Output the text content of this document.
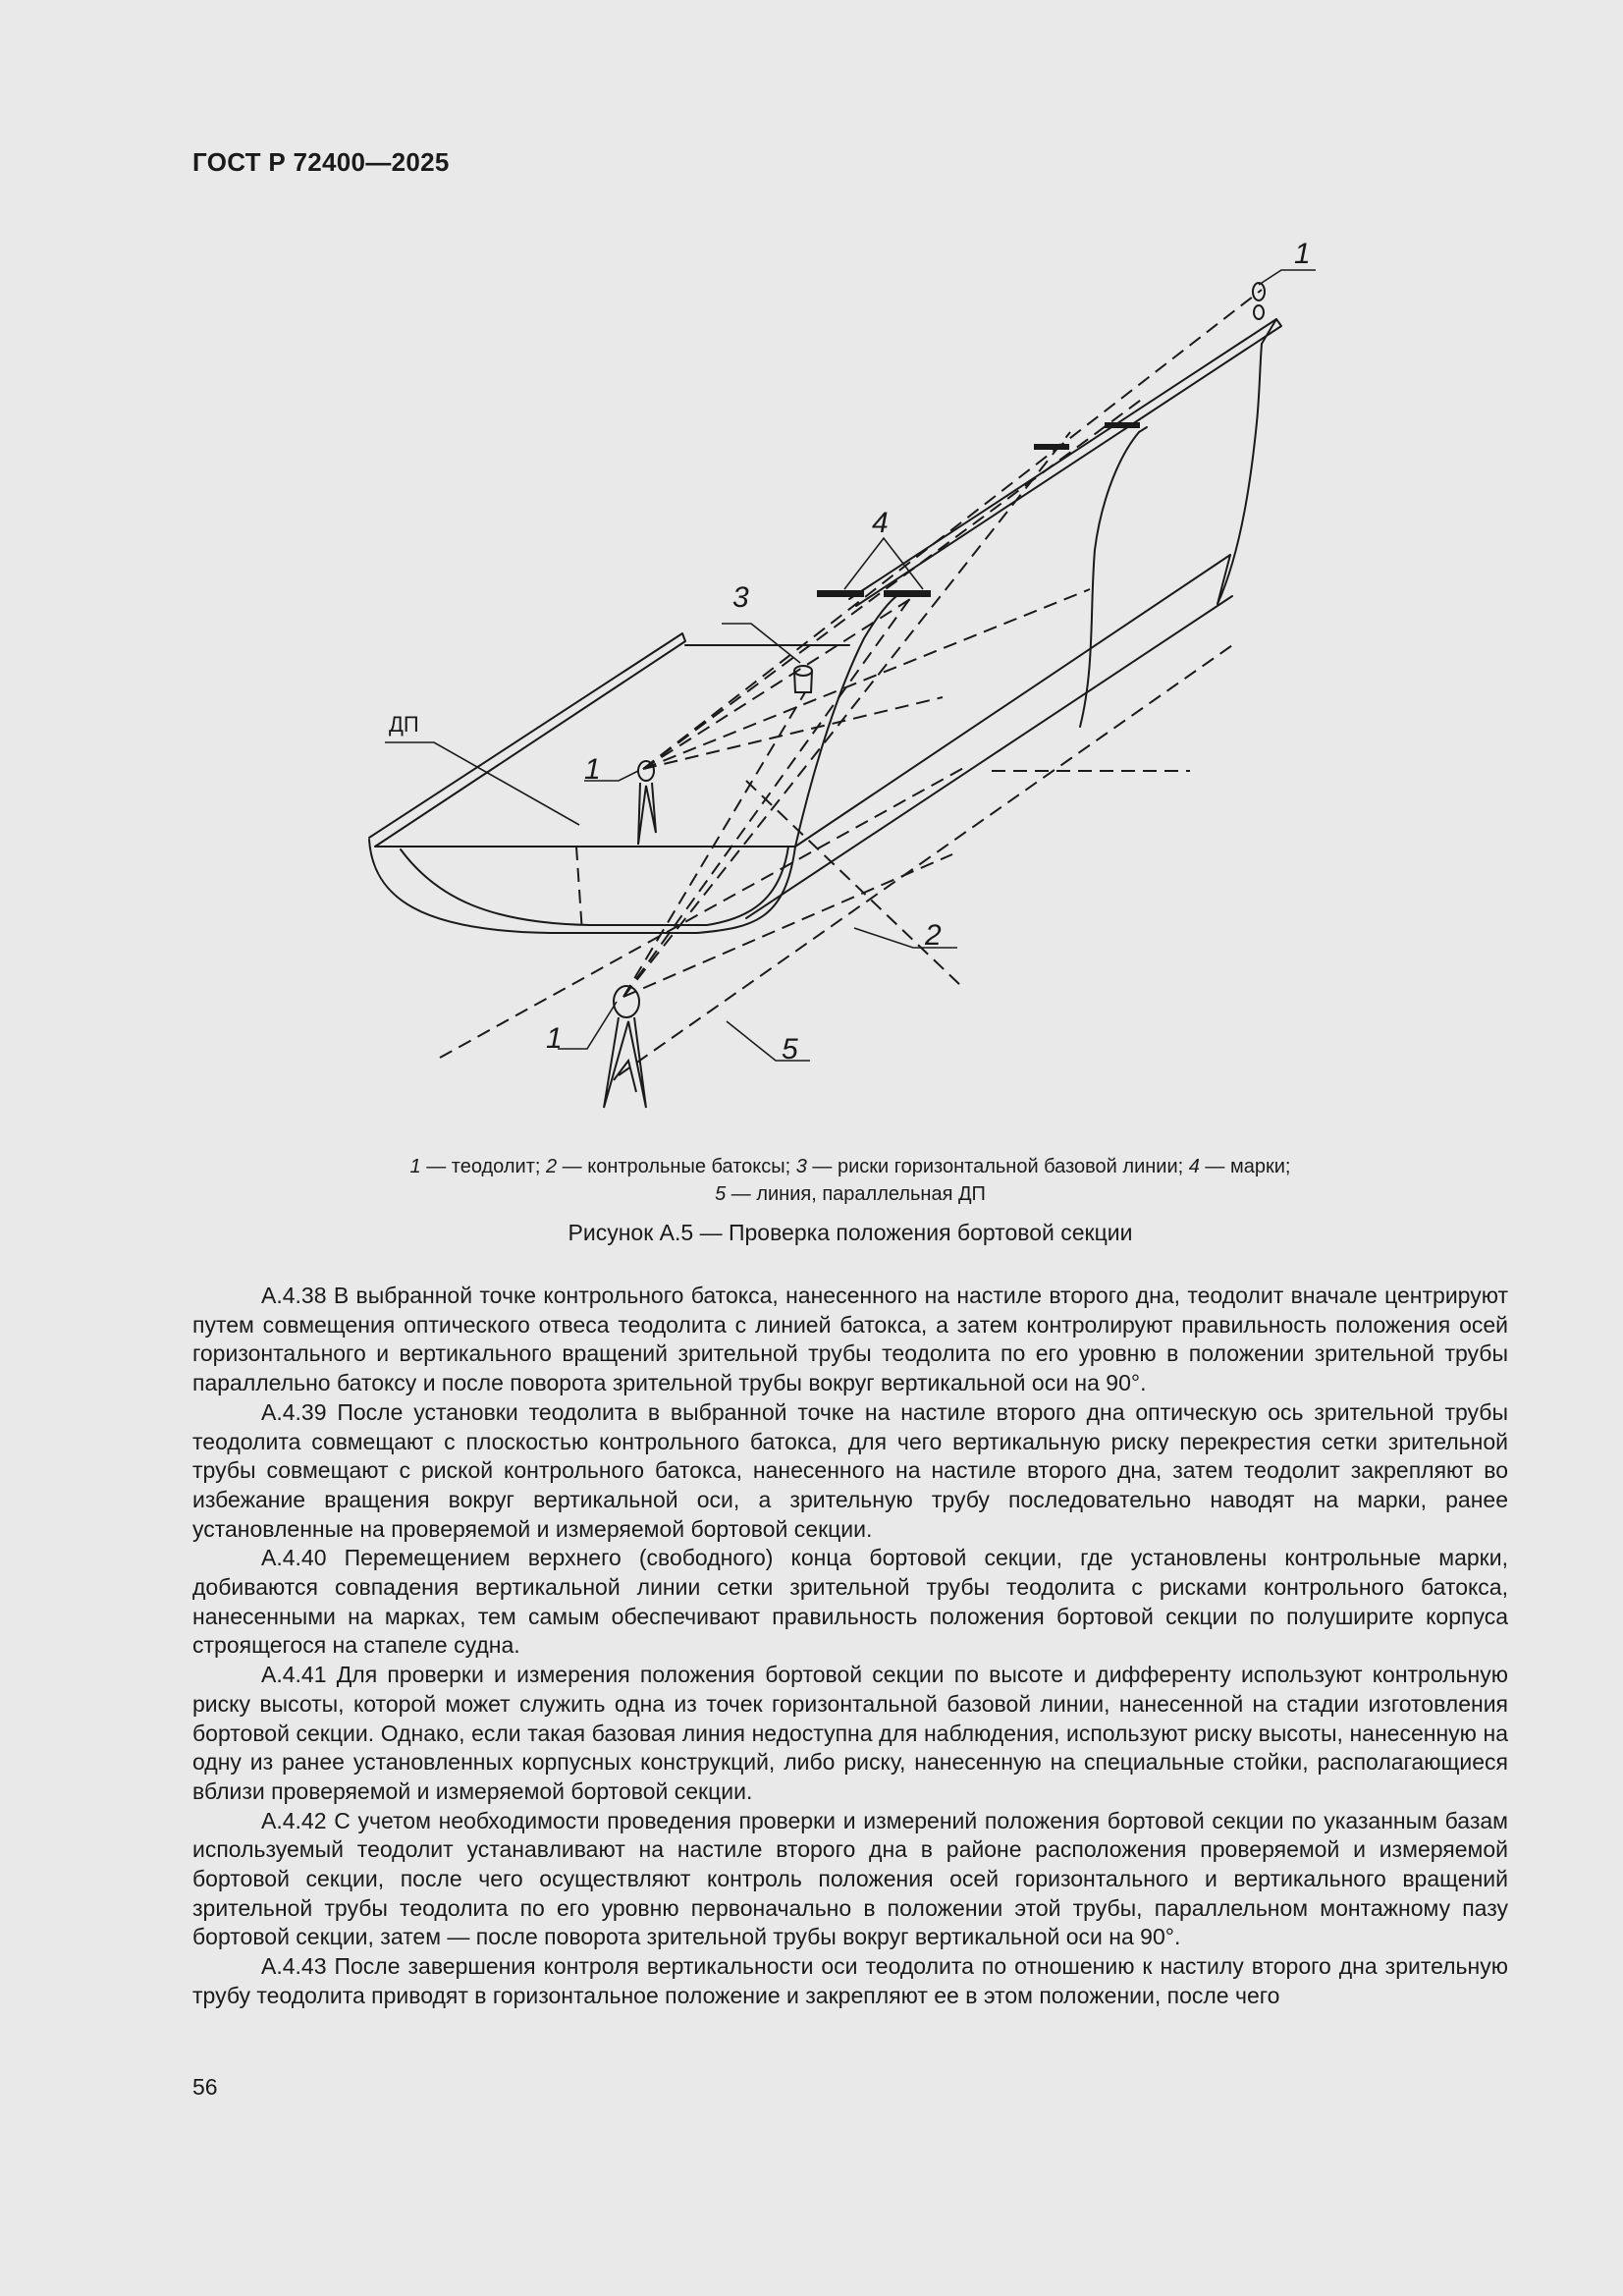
ГОСТ Р 72400—2025
1
4
3
1
1	5
2
ДП
1 — теодолит; 2 — контрольные батоксы; 3 — риски горизонтальной базовой линии; 4 — марки;
5 — линия, параллельная ДП
Рисунок А.5 — Проверка положения бортовой секции

А.4.38 В выбранной точке контрольного батокса, нанесенного на настиле второго дна, теодолит вначале центрируют путем совмещения оптического отвеса теодолита с линией батокса, а затем контролируют правильность положения осей горизонтального и вертикального вращений зрительной трубы теодолита по его уровню в положении зрительной трубы параллельно батоксу и после поворота зрительной трубы вокруг вертикальной оси на 90°.

А.4.39 После установки теодолита в выбранной точке на настиле второго дна оптическую ось зрительной трубы теодолита совмещают с плоскостью контрольного батокса, для чего вертикальную риску перекрестия сетки зрительной трубы совмещают с риской контрольного батокса, нанесенного на настиле второго дна, затем теодолит закрепляют во избежание вращения вокруг вертикальной оси, а зрительную трубу последовательно наводят на марки, ранее установленные на проверяемой и измеряемой бортовой секции.

А.4.40 Перемещением верхнего (свободного) конца бортовой секции, где установлены контрольные марки, добиваются совпадения вертикальной линии сетки зрительной трубы теодолита с рисками контрольного батокса, нанесенными на марках, тем самым обеспечивают правильность положения бортовой секции по полуширите корпуса строящегося на стапеле судна.

А.4.41 Для проверки и измерения положения бортовой секции по высоте и дифференту используют контрольную риску высоты, которой может служить одна из точек горизонтальной базовой линии, нанесенной на стадии изготовления бортовой секции. Однако, если такая базовая линия недоступна для наблюдения, используют риску высоты, нанесенную на одну из ранее установленных корпусных конструкций, либо риску, нанесенную на специальные стойки, располагающиеся вблизи проверяемой и измеряемой бортовой секции.

А.4.42 С учетом необходимости проведения проверки и измерений положения бортовой секции по указанным базам используемый теодолит устанавливают на настиле второго дна в районе расположения проверяемой и измеряемой бортовой секции, после чего осуществляют контроль положения осей горизонтального и вертикального вращений зрительной трубы теодолита по его уровню первоначально в положении этой трубы, параллельном монтажному пазу бортовой секции, затем — после поворота зрительной трубы вокруг вертикальной оси на 90°.

А.4.43 После завершения контроля вертикальности оси теодолита по отношению к настилу второго дна зрительную трубу теодолита приводят в горизонтальное положение и закрепляют ее в этом положении, после чего

56
